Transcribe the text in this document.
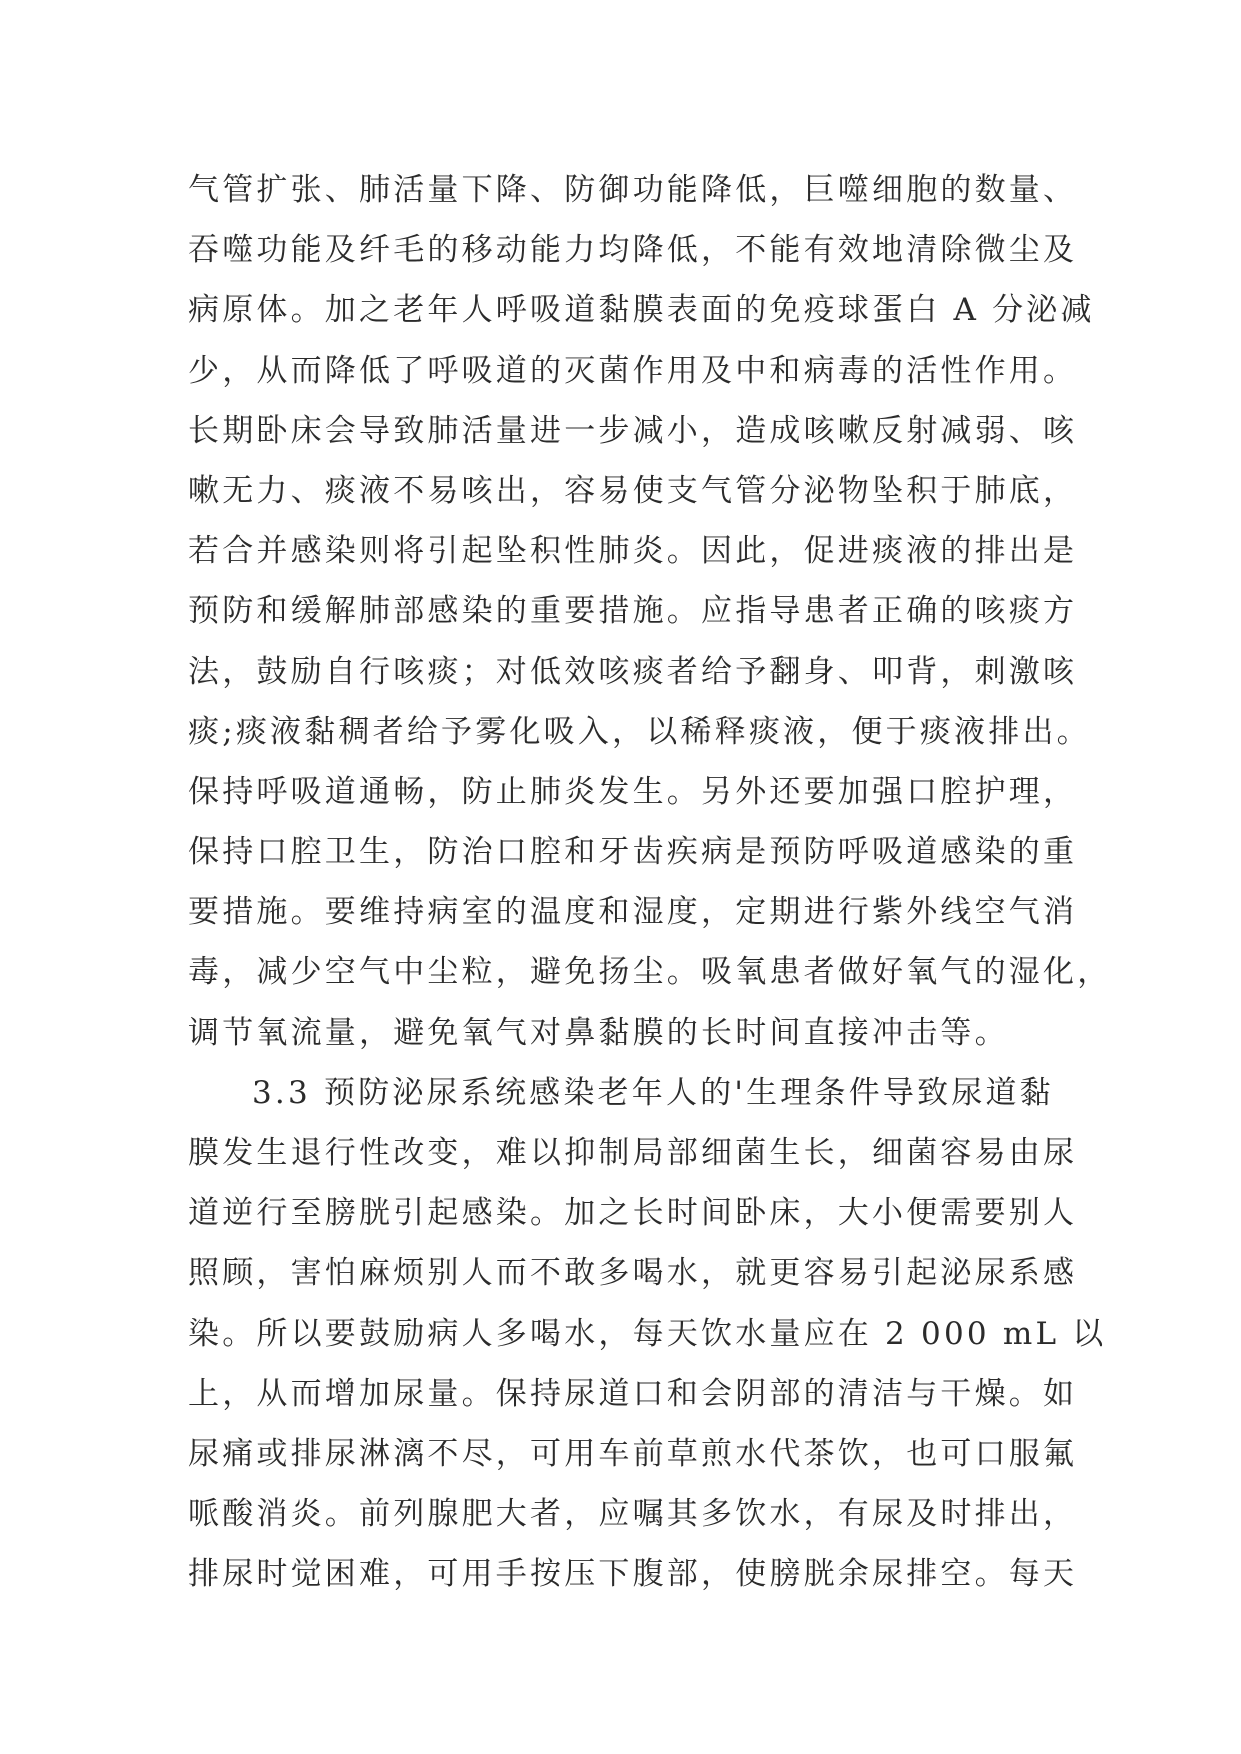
气管扩张、肺活量下降、防御功能降低，巨噬细胞的数量、
吞噬功能及纤毛的移动能力均降低，不能有效地清除微尘及
病原体。加之老年人呼吸道黏膜表面的免疫球蛋白 A 分泌减
少，从而降低了呼吸道的灭菌作用及中和病毒的活性作用。
长期卧床会导致肺活量进一步减小，造成咳嗽反射减弱、咳
嗽无力、痰液不易咳出，容易使支气管分泌物坠积于肺底，
若合并感染则将引起坠积性肺炎。因此，促进痰液的排出是
预防和缓解肺部感染的重要措施。应指导患者正确的咳痰方
法，鼓励自行咳痰；对低效咳痰者给予翻身、叩背，刺激咳
痰;痰液黏稠者给予雾化吸入，以稀释痰液，便于痰液排出。
保持呼吸道通畅，防止肺炎发生。另外还要加强口腔护理，
保持口腔卫生，防治口腔和牙齿疾病是预防呼吸道感染的重
要措施。要维持病室的温度和湿度，定期进行紫外线空气消
毒，减少空气中尘粒，避免扬尘。吸氧患者做好氧气的湿化，
调节氧流量，避免氧气对鼻黏膜的长时间直接冲击等。
3.3 预防泌尿系统感染老年人的'生理条件导致尿道黏
膜发生退行性改变，难以抑制局部细菌生长，细菌容易由尿
道逆行至膀胱引起感染。加之长时间卧床，大小便需要别人
照顾，害怕麻烦别人而不敢多喝水，就更容易引起泌尿系感
染。所以要鼓励病人多喝水，每天饮水量应在 2 000 mL 以
上，从而增加尿量。保持尿道口和会阴部的清洁与干燥。如
尿痛或排尿淋漓不尽，可用车前草煎水代茶饮，也可口服氟
哌酸消炎。前列腺肥大者，应嘱其多饮水，有尿及时排出，
排尿时觉困难，可用手按压下腹部，使膀胱余尿排空。每天
